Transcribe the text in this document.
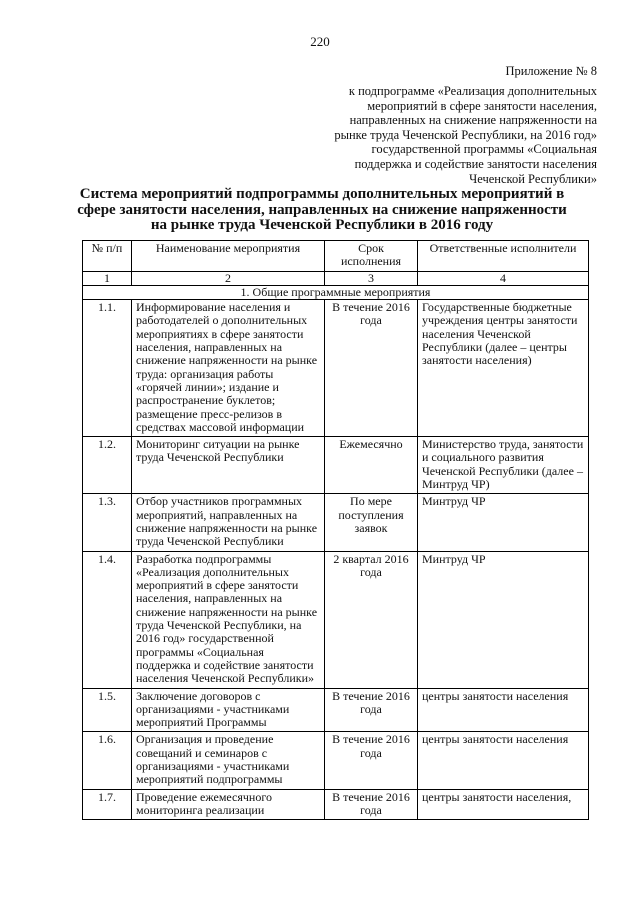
220
Приложение № 8
к подпрограмме «Реализация дополнительных
мероприятий в сфере занятости населения,
направленных на снижение напряженности на
рынке труда Чеченской Республики, на 2016 год»
государственной программы «Социальная
поддержка и содействие занятости населения
Чеченской Республики»
Система мероприятий подпрограммы дополнительных мероприятий в
сфере занятости населения, направленных на снижение напряженности
на рынке труда Чеченской Республики в 2016 году
№ п/п	Наименование мероприятия	Срок исполнения	Ответственные исполнители
1	2	3	4
1. Общие программные мероприятия			
1.1.	Информирование населения и работодателей о дополнительных мероприятиях в сфере занятости населения, направленных на снижение напряженности на рынке труда: организация работы «горячей линии»; издание и распространение буклетов; размещение пресс-релизов в средствах массовой информации	В течение 2016 года	Государственные бюджетные учреждения центры занятости населения Чеченской Республики (далее – центры занятости населения)
1.2.	Мониторинг ситуации на рынке труда Чеченской Республики	Ежемесячно	Министерство труда, занятости и социального развития Чеченской Республики (далее – Минтруд ЧР)
1.3.	Отбор участников программных мероприятий, направленных на снижение напряженности на рынке труда Чеченской Республики	По мере поступления заявок	Минтруд ЧР
1.4.	Разработка подпрограммы «Реализация дополнительных мероприятий в сфере занятости населения, направленных на снижение напряженности на рынке труда Чеченской Республики, на 2016 год» государственной программы «Социальная поддержка и содействие занятости населения Чеченской Республики»	2 квартал 2016 года	Минтруд ЧР
1.5.	Заключение договоров с организациями - участниками мероприятий Программы	В течение 2016 года	центры занятости населения
1.6.	Организация и проведение совещаний и семинаров с организациями - участниками мероприятий подпрограммы	В течение 2016 года	центры занятости населения
1.7.	Проведение ежемесячного мониторинга реализации	В течение 2016 года	центры занятости населения,
